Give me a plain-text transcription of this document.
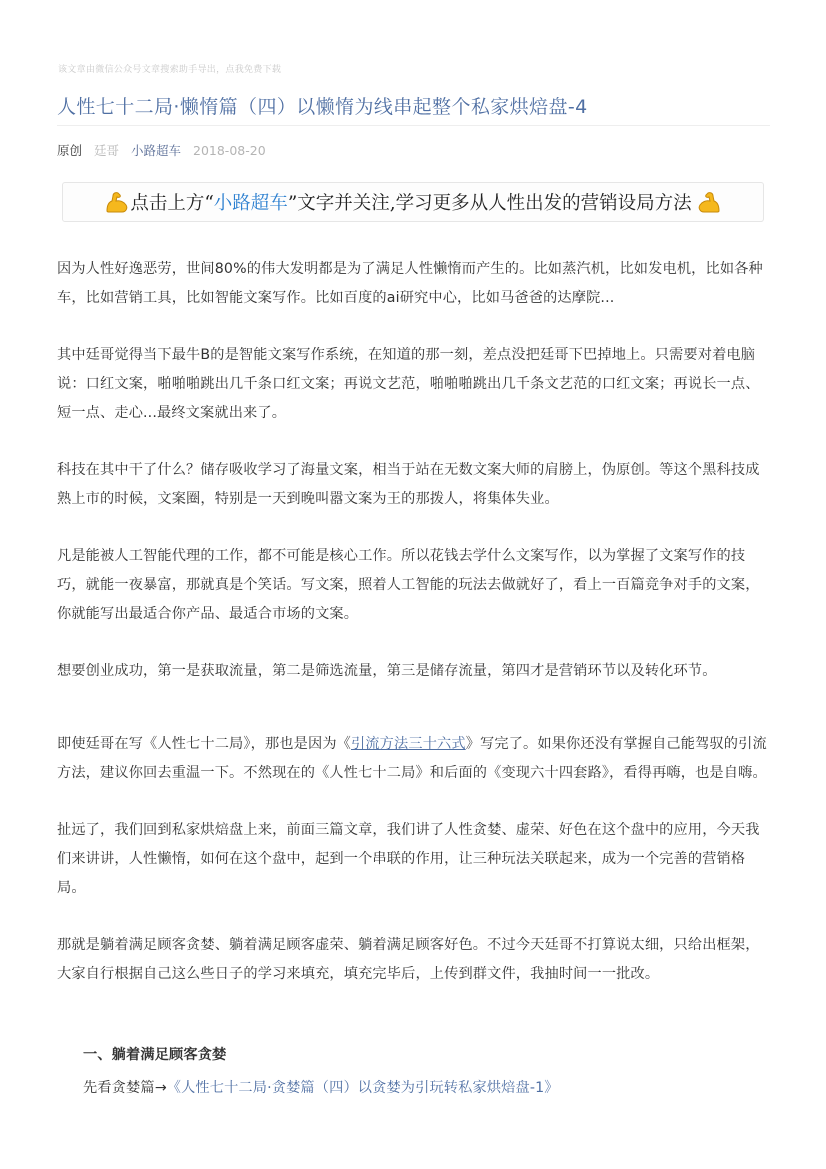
该文章由微信公众号文章搜索助手导出，点我免费下载
人性七十二局·懒惰篇（四）以懒惰为线串起整个私家烘焙盘-4
原创 廷哥 小路超车 2018-08-20
点击上方“ 小路超车 ”文字并关注,学习更多从人性出发的营销设局方法

因为人性好逸恶劳，世间80%的伟大发明都是为了满足人性懒惰而产生的。比如蒸汽机，比如发电机，比如各种车，比如营销工具，比如智能文案写作。比如百度的ai研究中心，比如马爸爸的达摩院...

其中廷哥觉得当下最牛B的是智能文案写作系统，在知道的那一刻，差点没把廷哥下巴掉地上。只需要对着电脑说：口红文案，啪啪啪跳出几千条口红文案；再说文艺范，啪啪啪跳出几千条文艺范的口红文案；再说长一点、短一点、走心...最终文案就出来了。

科技在其中干了什么？储存吸收学习了海量文案，相当于站在无数文案大师的肩膀上，伪原创。等这个黑科技成熟上市的时候，文案圈，特别是一天到晚叫嚣文案为王的那拨人，将集体失业。

凡是能被人工智能代理的工作，都不可能是核心工作。所以花钱去学什么文案写作，以为掌握了文案写作的技巧，就能一夜暴富，那就真是个笑话。写文案，照着人工智能的玩法去做就好了，看上一百篇竞争对手的文案，你就能写出最适合你产品、最适合市场的文案。

想要创业成功，第一是获取流量，第二是筛选流量，第三是储存流量，第四才是营销环节以及转化环节。

即使廷哥在写《人性七十二局》，那也是因为《引流方法三十六式》写完了。如果你还没有掌握自己能驾驭的引流方法，建议你回去重温一下。不然现在的《人性七十二局》和后面的《变现六十四套路》，看得再嗨，也是自嗨。

扯远了，我们回到私家烘焙盘上来，前面三篇文章，我们讲了人性贪婪、虚荣、好色在这个盘中的应用，今天我们来讲讲，人性懒惰，如何在这个盘中，起到一个串联的作用，让三种玩法关联起来，成为一个完善的营销格局。

那就是躺着满足顾客贪婪、躺着满足顾客虚荣、躺着满足顾客好色。不过今天廷哥不打算说太细，只给出框架，大家自行根据自己这么些日子的学习来填充，填充完毕后，上传到群文件，我抽时间一一批改。

一、躺着满足顾客贪婪

先看贪婪篇→《人性七十二局·贪婪篇（四）以贪婪为引玩转私家烘焙盘-1》
